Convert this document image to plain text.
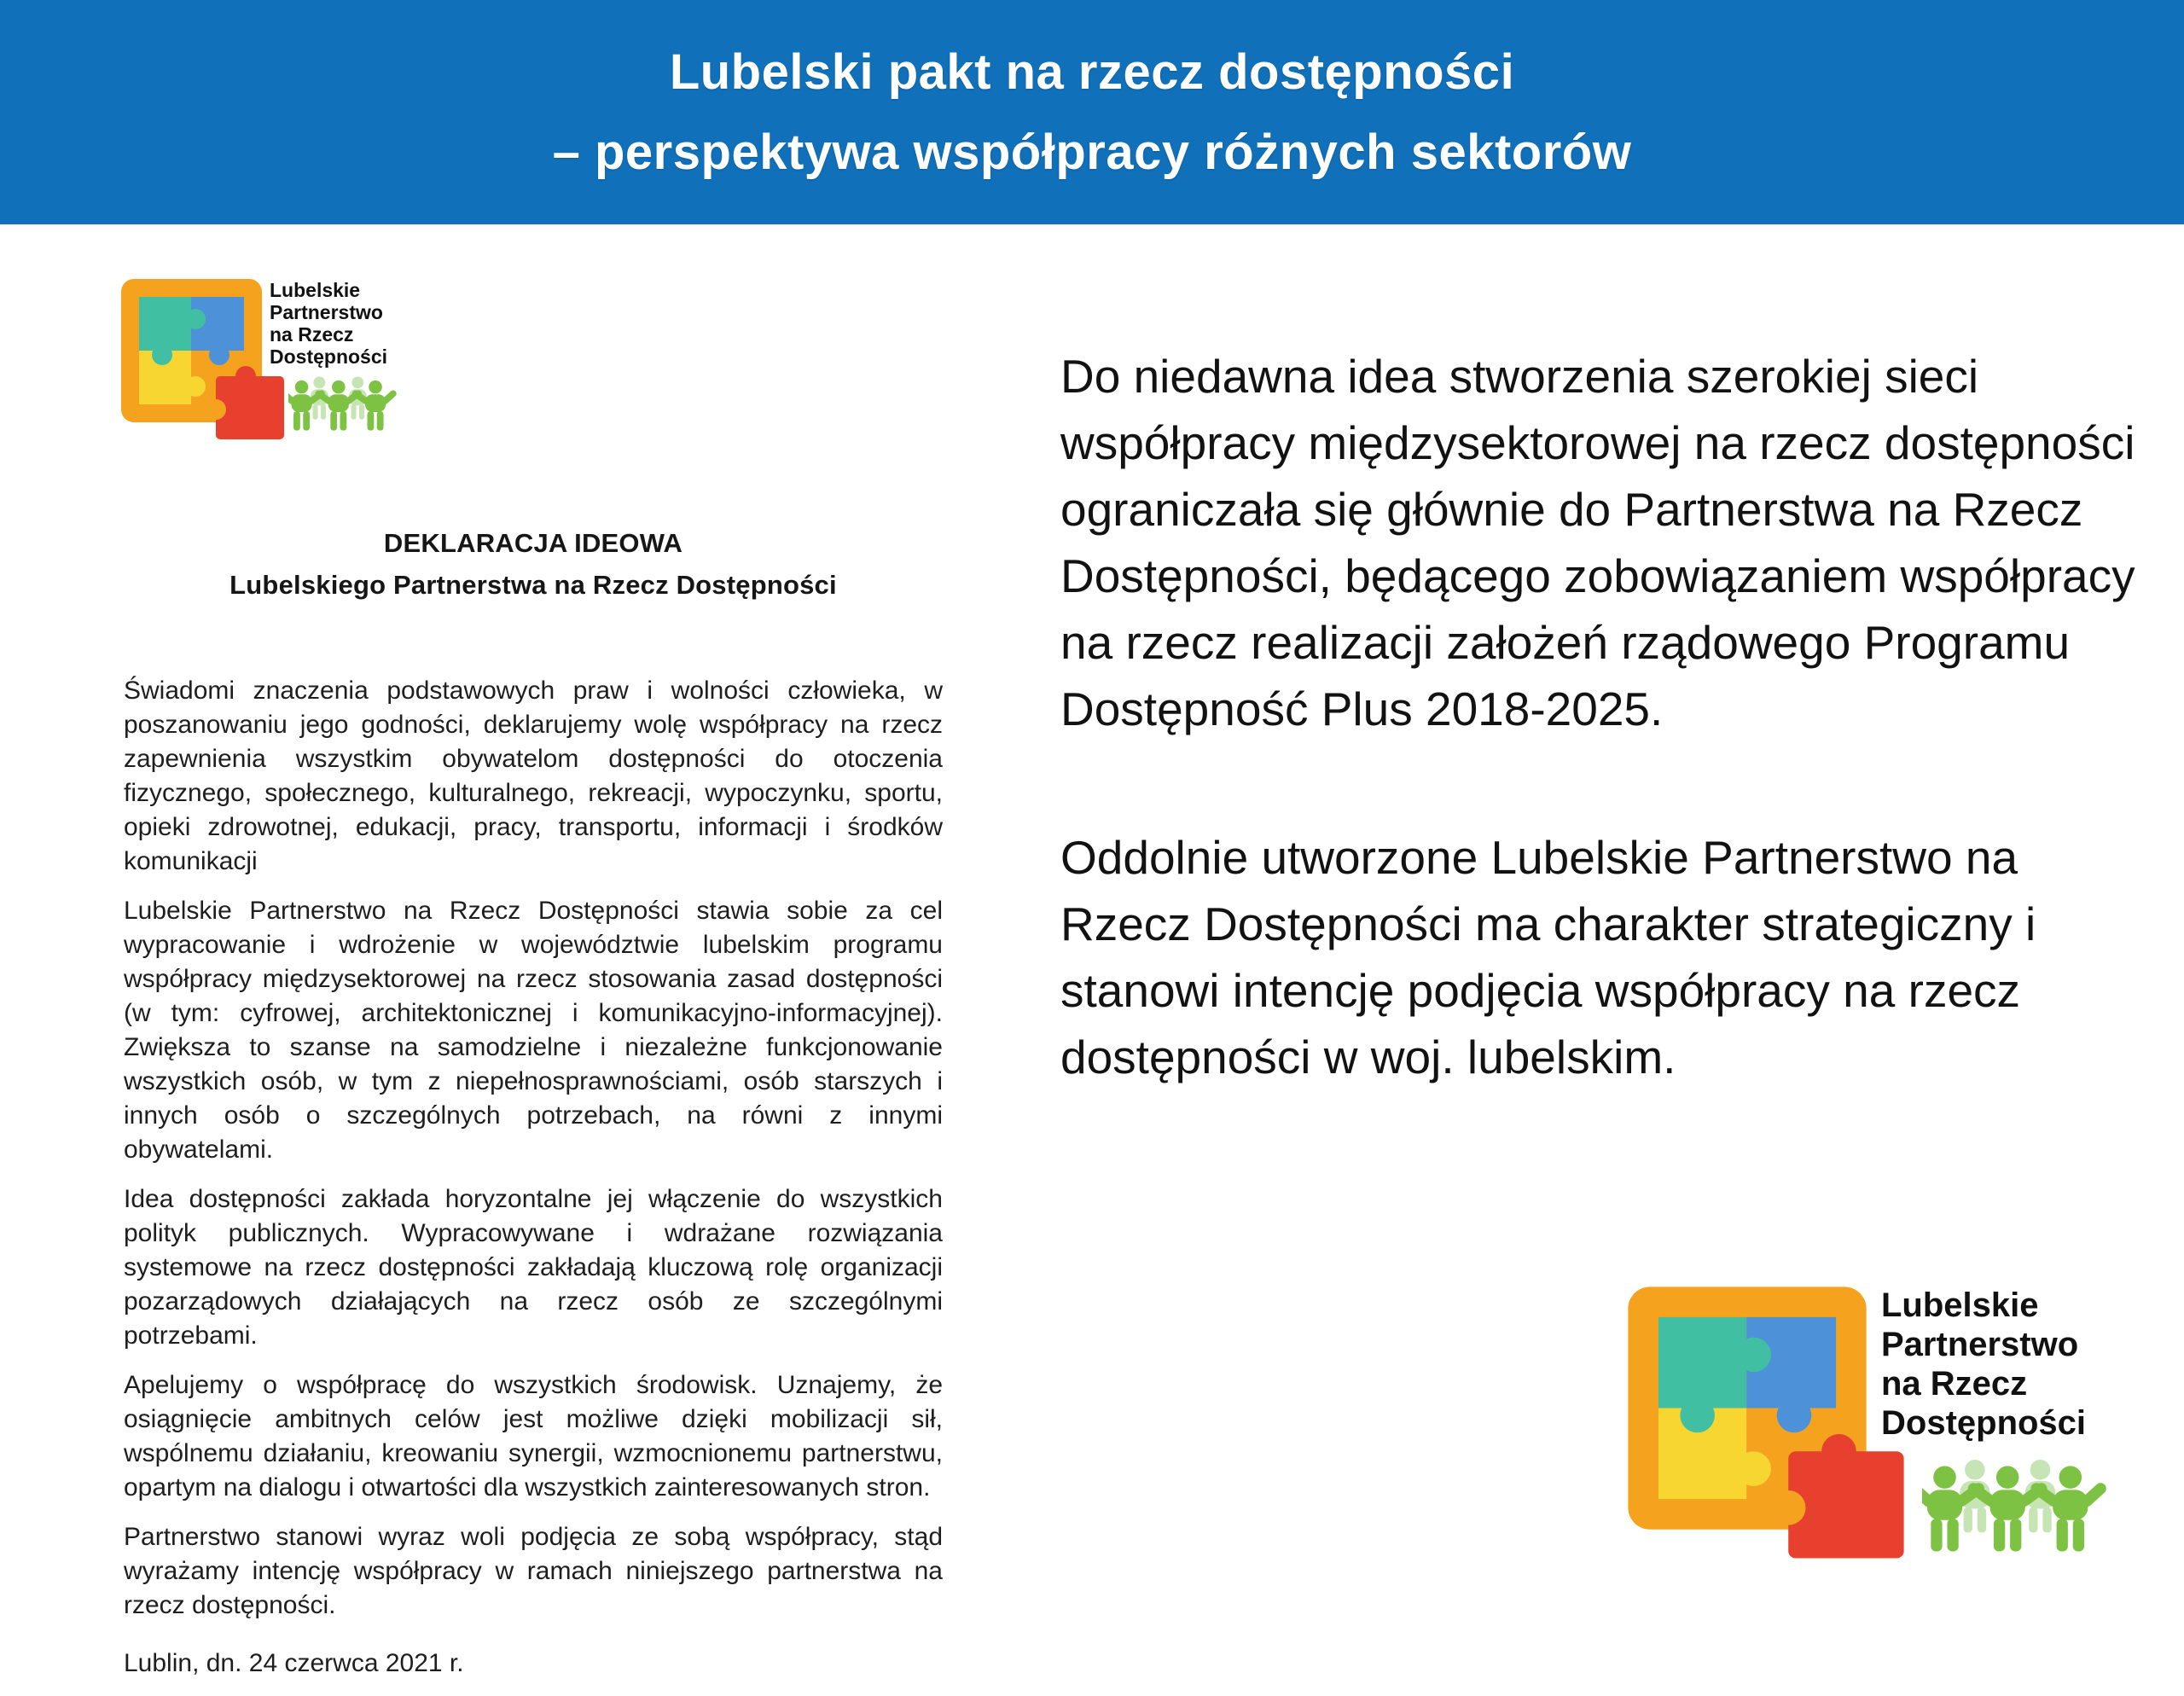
Lubelski pakt na rzecz dostępności
– perspektywa współpracy różnych sektorów
Lubelskie
Partnerstwo
na Rzecz
Dostępności
DEKLARACJA IDEOWA
Lubelskiego Partnerstwa na Rzecz Dostępności

Świadomi znaczenia podstawowych praw i wolności człowieka, w poszanowaniu jego godności, deklarujemy wolę współpracy na rzecz zapewnienia wszystkim obywatelom dostępności do otoczenia fizycznego, społecznego, kulturalnego, rekreacji, wypoczynku, sportu, opieki zdrowotnej, edukacji, pracy, transportu, informacji i środków komunikacji

Lubelskie Partnerstwo na Rzecz Dostępności stawia sobie za cel wypracowanie i wdrożenie w województwie lubelskim programu współpracy międzysektorowej na rzecz stosowania zasad dostępności (w tym: cyfrowej, architektonicznej i komunikacyjno-informacyjnej). Zwiększa to szanse na samodzielne i niezależne funkcjonowanie wszystkich osób, w tym z niepełnosprawnościami, osób starszych i innych osób o szczególnych potrzebach, na równi z innymi obywatelami.

Idea dostępności zakłada horyzontalne jej włączenie do wszystkich polityk publicznych. Wypracowywane i wdrażane rozwiązania systemowe na rzecz dostępności zakładają kluczową rolę organizacji pozarządowych działających na rzecz osób ze szczególnymi potrzebami.

Apelujemy o współpracę do wszystkich środowisk. Uznajemy, że osiągnięcie ambitnych celów jest możliwe dzięki mobilizacji sił, wspólnemu działaniu, kreowaniu synergii, wzmocnionemu partnerstwu, opartym na dialogu i otwartości dla wszystkich zainteresowanych stron.

Partnerstwo stanowi wyraz woli podjęcia ze sobą współpracy, stąd wyrażamy intencję współpracy w ramach niniejszego partnerstwa na rzecz dostępności.

Lublin, dn. 24 czerwca 2021 r.

Do niedawna idea stworzenia szerokiej sieci współpracy międzysektorowej na rzecz dostępności ograniczała się głównie do Partnerstwa na Rzecz Dostępności, będącego zobowiązaniem współpracy na rzecz realizacji założeń rządowego Programu Dostępność Plus 2018-2025.

Oddolnie utworzone Lubelskie Partnerstwo na Rzecz Dostępności ma charakter strategiczny i stanowi intencję podjęcia współpracy na rzecz dostępności w woj. lubelskim.

Lubelskie
Partnerstwo
na Rzecz
Dostępności
